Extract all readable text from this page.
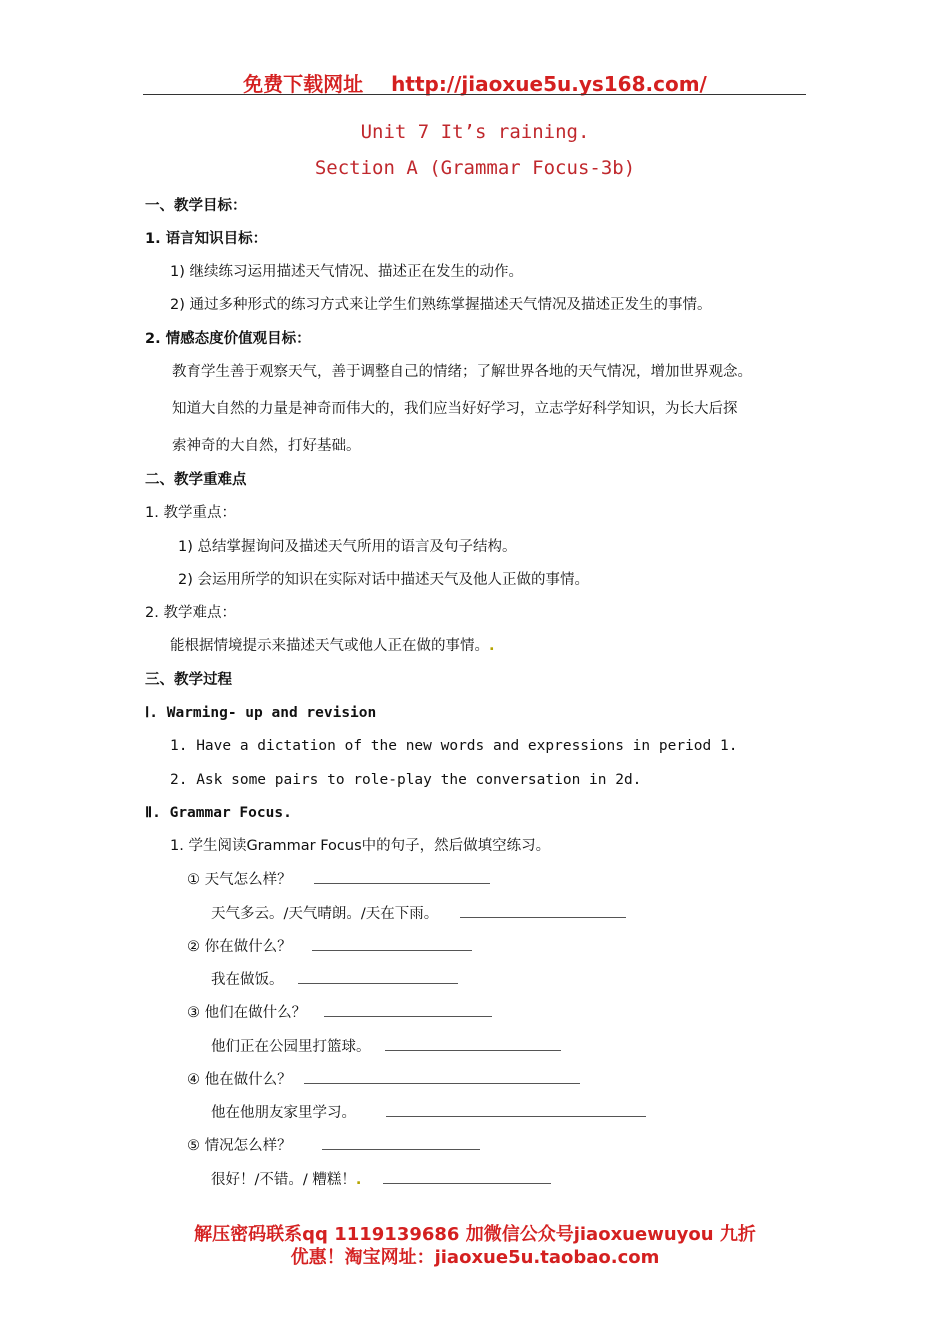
免费下载网址 http://jiaoxue5u.ys168.com/
Unit 7 It’s raining.
Section A (Grammar Focus-3b)
一、教学目标：
1. 语言知识目标：
1) 继续练习运用描述天气情况、描述正在发生的动作。
2) 通过多种形式的练习方式来让学生们熟练掌握描述天气情况及描述正发生的事情。
2. 情感态度价值观目标：
教育学生善于观察天气，善于调整自己的情绪；了解世界各地的天气情况，增加世界观念。
知道大自然的力量是神奇而伟大的，我们应当好好学习，立志学好科学知识，为长大后探
索神奇的大自然，打好基础。
二、教学重难点
1. 教学重点：
1) 总结掌握询问及描述天气所用的语言及句子结构。
2) 会运用所学的知识在实际对话中描述天气及他人正做的事情。
2. 教学难点：
能根据情境提示来描述天气或他人正在做的事情。.
三、教学过程
Ⅰ. Warming- up and revision
1. Have a dictation of the new words and expressions in period 1.
2. Ask some pairs to role-play the conversation in 2d.
Ⅱ. Grammar Focus.
1. 学生阅读Grammar Focus中的句子，然后做填空练习。
① 天气怎么样？
天气多云。/天气晴朗。/天在下雨。
② 你在做什么？
我在做饭。
③ 他们在做什么？
他们正在公园里打篮球。
④ 他在做什么？
他在他朋友家里学习。
⑤ 情况怎么样？
很好！/不错。/ 糟糕！.
解压密码联系qq 1119139686 加微信公众号jiaoxuewuyou 九折
优惠！淘宝网址：jiaoxue5u.taobao.com
